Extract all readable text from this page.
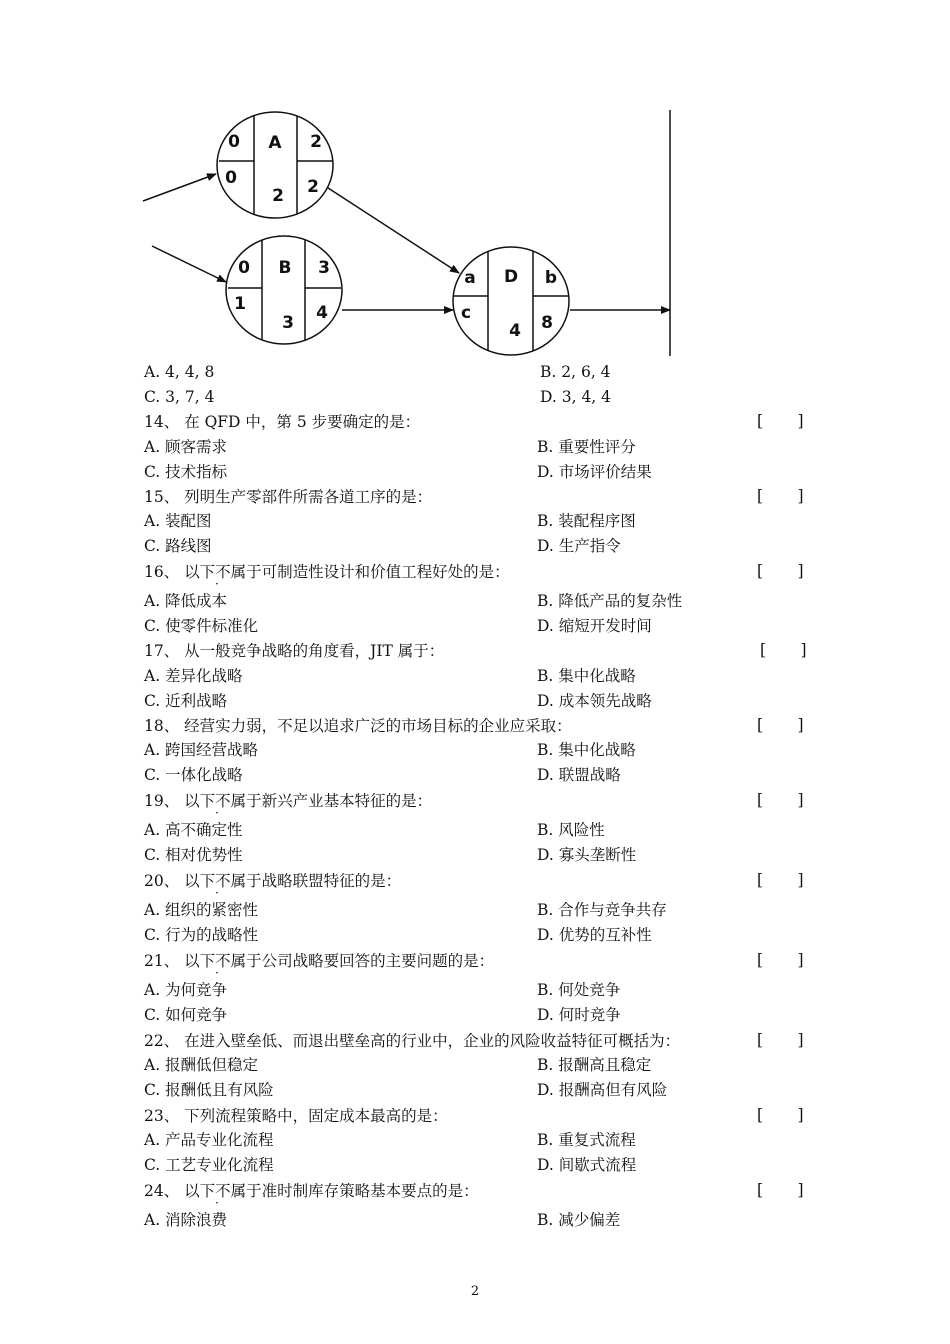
0 A 2
0
2 2
0 B 3
1
3 4
a D b
c
4 8
A. 4, 4, 8	B. 2, 6, 4
C. 3, 7, 4	D. 3, 4, 4
14、 在 QFD 中，第 5 步要确定的是：	[       ]
A. 顾客需求	B. 重要性评分
C. 技术指标	D. 市场评价结果
15、 列明生产零部件所需各道工序的是：	[       ]
A. 装配图	B. 装配程序图
C. 路线图	D. 生产指令
16、 以下不属于可制造性设计和价值工程好处的是：
·
[       ]
A. 降低成本	B. 降低产品的复杂性
C. 使零件标准化	D. 缩短开发时间
17、 从一般竞争战略的角度看，JIT 属于：	[       ]
A. 差异化战略	B. 集中化战略
C. 近利战略	D. 成本领先战略
18、 经营实力弱，不足以追求广泛的市场目标的企业应采取：	[       ]
A. 跨国经营战略	B. 集中化战略
C. 一体化战略	D. 联盟战略
19、 以下不属于新兴产业基本特征的是：
·
[       ]
A. 高不确定性	B. 风险性
C. 相对优势性	D. 寡头垄断性
20、 以下不属于战略联盟特征的是：
·
[       ]
A. 组织的紧密性	B. 合作与竞争共存
C. 行为的战略性	D. 优势的互补性
21、 以下不属于公司战略要回答的主要问题的是：
·
[       ]
A. 为何竞争	B. 何处竞争
C. 如何竞争	D. 何时竞争
22、 在进入壁垒低、而退出壁垒高的行业中，企业的风险收益特征可概括为：	[       ]
A. 报酬低但稳定	B. 报酬高且稳定
C. 报酬低且有风险	D. 报酬高但有风险
23、 下列流程策略中，固定成本最高的是：	[       ]
A. 产品专业化流程	B. 重复式流程
C. 工艺专业化流程	D. 间歇式流程
24、 以下不属于准时制库存策略基本要点的是：
·
[       ]
A. 消除浪费	B. 减少偏差
2
